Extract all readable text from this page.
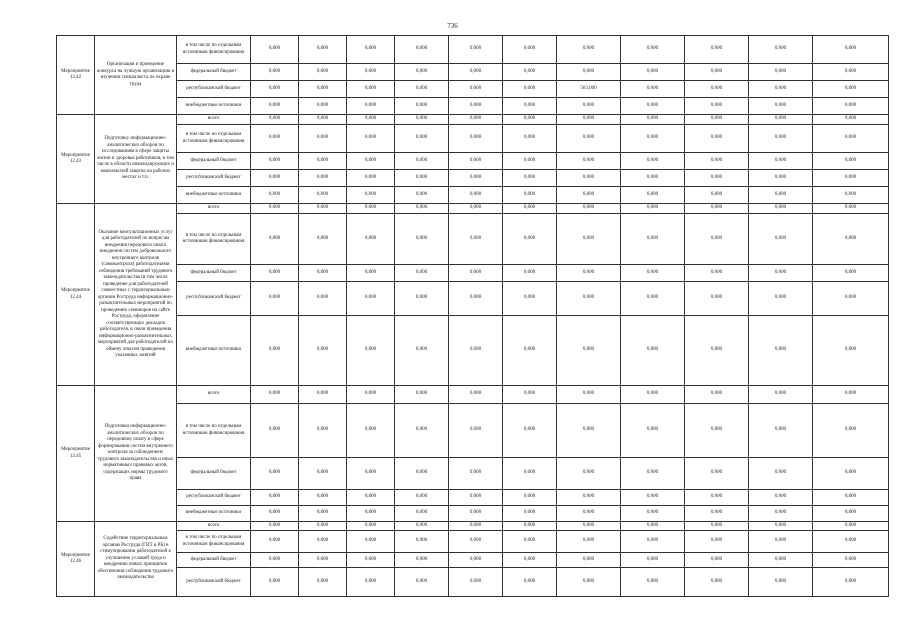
736
Мероприятие 12.42	Организация и проведение конкурса на лучшую организацию в изучении специалиста по охране труда	в том числе по отдельным источникам финансирования	0,000	0,000	0,000	0,000	0,000	0,000	0,000	0,000	0,000	0,000	0,000
		федеральный бюджет	0,000	0,000	0,000	0,000	0,000	0,000	0,000	0,000	0,000	0,000	0,000
		республиканский бюджет	0,000	0,000	0,000	0,000	0,000	0,000	503,000	0,000	0,000	0,000	0,000
		внебюджетные источники	0,000	0,000	0,000	0,000	0,000	0,000	0,000	0,000	0,000	0,000	0,000
Мероприятие 12.43	Подготовку информационно-аналитических обзоров по исследованиям в сфере защиты жизни и здоровья работников, в том числе в области инвалидирующих и комплексной защиты на рабочих местах и т.п.	всего	0,000	0,000	0,000	0,000	0,000	0,000	0,000	0,000	0,000	0,000	0,000
		в том числе по отдельным источникам финансирования	0,000	0,000	0,000	0,000	0,000	0,000	0,000	0,000	0,000	0,000	0,000
		федеральный бюджет	0,000	0,000	0,000	0,000	0,000	0,000	0,000	0,000	0,000	0,000	0,000
		республиканский бюджет	0,000	0,000	0,000	0,000	0,000	0,000	0,000	0,000	0,000	0,000	0,000
		внебюджетные источники	0,000	0,000	0,000	0,000	0,000	0,000	0,000	0,000	0,000	0,000	0,000
Мероприятие 12.44	Оказание консультационных услуг для работодателей по вопросам внедрения передового опыта внедрения систем добровольного внутреннего контроля (самоконтроля) работодателями соблюдения требований трудового законодательства (в том числе проведение для работодателей совместных с территориальным органом Роструда информационно-разъяснительных мероприятий по проведению семинаров на сайте Роструда, оформление соответствующих докладов работодателя, в связи проведения информационно-разъяснительных мероприятий для работодателей по обмену опытом проведения указанных занятий	всего	0,000	0,000	0,000	0,000	0,000	0,000	0,000	0,000	0,000	0,000	0,000
		в том числе по отдельным источникам финансирования	0,000	0,000	0,000	0,000	0,000	0,000	0,000	0,000	0,000	0,000	0,000
		федеральный бюджет	0,000	0,000	0,000	0,000	0,000	0,000	0,000	0,000	0,000	0,000	0,000
		республиканский бюджет	0,000	0,000	0,000	0,000	0,000	0,000	0,000	0,000	0,000	0,000	0,000
		внебюджетные источники	0,000	0,000	0,000	0,000	0,000	0,000	0,000	0,000	0,000	0,000	0,000
Мероприятие 12.45	Подготовка информационно-аналитических обзоров по передовому опыту в сфере формирования систем внутреннего контроля за соблюдением трудового законодательства и иных нормативных правовых актов, содержащих нормы трудового права	всего	0,000	0,000	0,000	0,000	0,000	0,000	0,000	0,000	0,000	0,000	0,000
		в том числе по отдельным источникам финансирования	0,000	0,000	0,000	0,000	0,000	0,000	0,000	0,000	0,000	0,000	0,000
		федеральный бюджет	0,000	0,000	0,000	0,000	0,000	0,000	0,000	0,000	0,000	0,000	0,000
		республиканский бюджет	0,000	0,000	0,000	0,000	0,000	0,000	0,000	0,000	0,000	0,000	0,000
		внебюджетные источники	0,000	0,000	0,000	0,000	0,000	0,000	0,000	0,000	0,000	0,000	0,000
Мероприятие 12.46	Содействие территориальным органам Роструда (ГИТ в РБ) в стимулировании работодателей к улучшению условий труда и внедрению новых принципов обеспечения соблюдения трудового законодательства	всего	0,000	0,000	0,000	0,000	0,000	0,000	0,000	0,000	0,000	0,000	0,000
		в том числе по отдельным источникам финансирования	0,000	0,000	0,000	0,000	0,000	0,000	0,000	0,000	0,000	0,000	0,000
		федеральный бюджет	0,000	0,000	0,000	0,000	0,000	0,000	0,000	0,000	0,000	0,000	0,000
		республиканский бюджет	0,000	0,000	0,000	0,000	0,000	0,000	0,000	0,000	0,000	0,000	0,000
